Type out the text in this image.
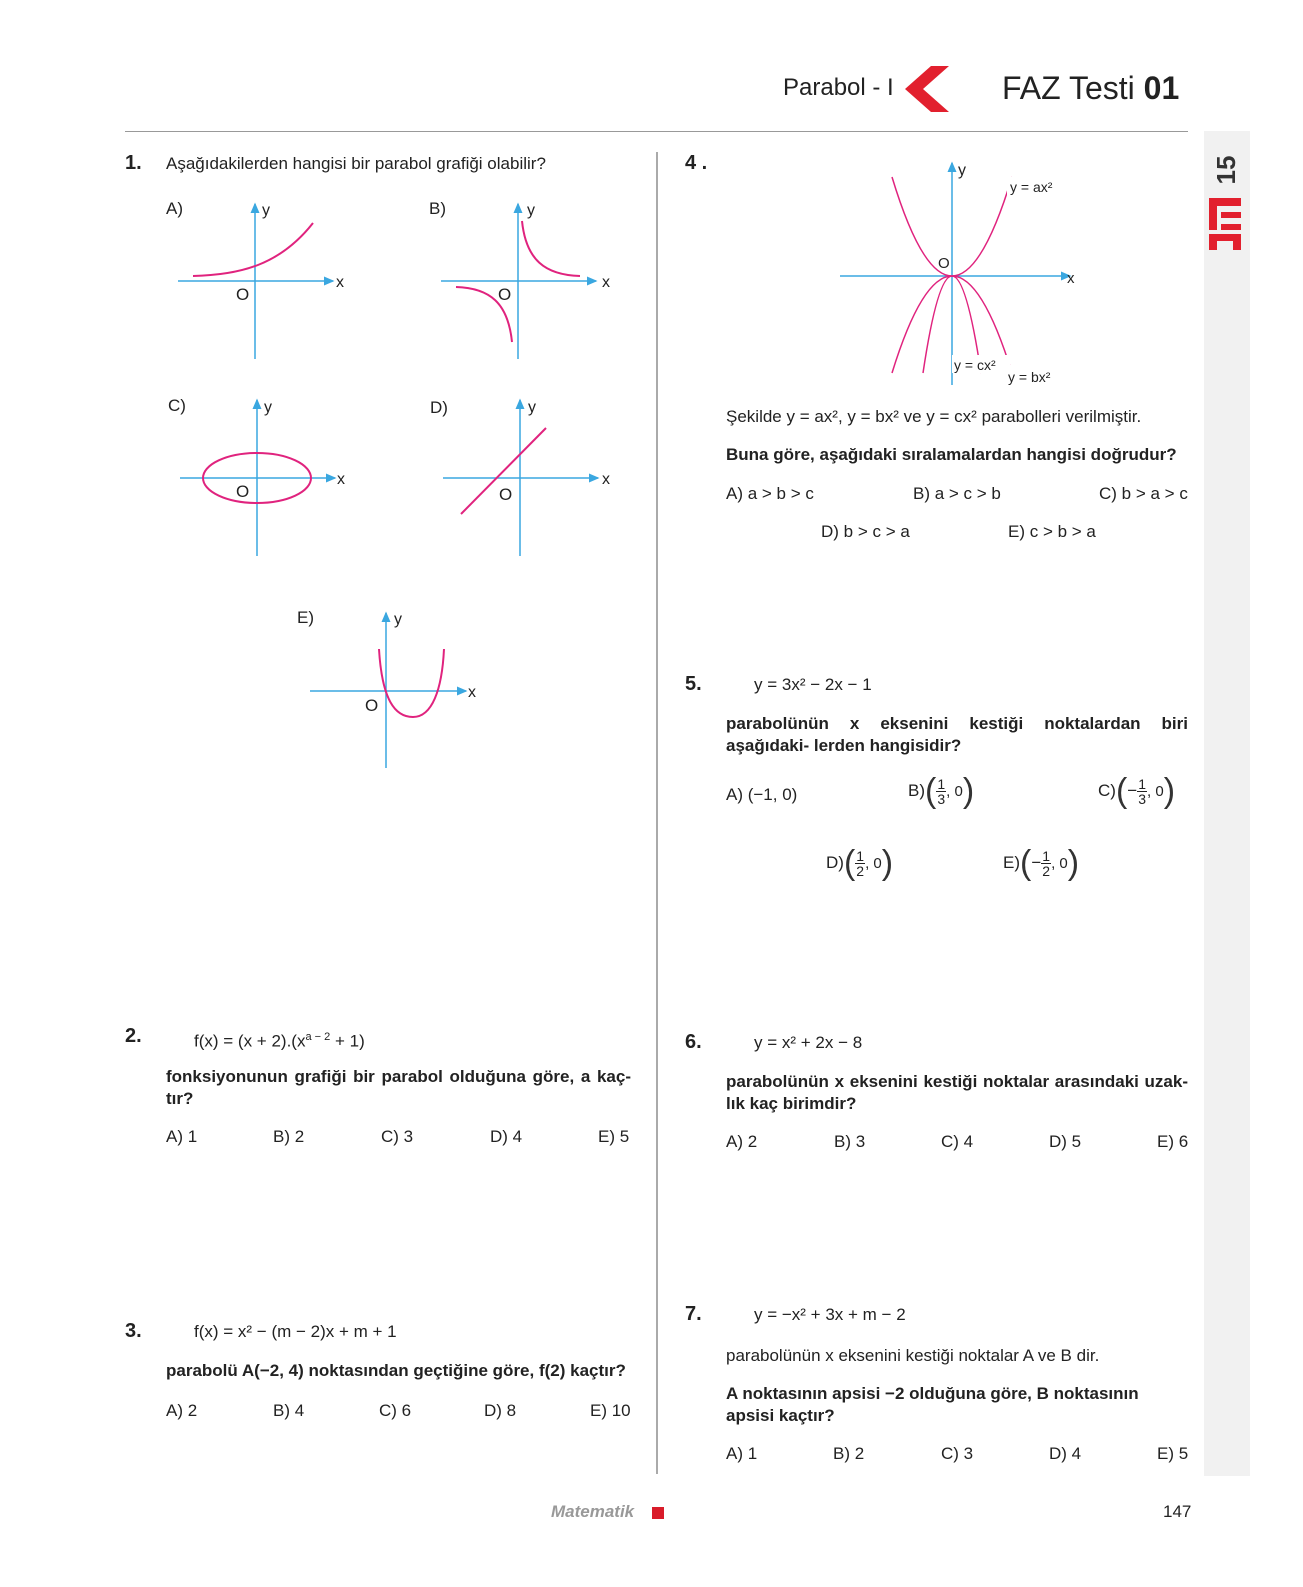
Parabol - I	FAZ Testi 01
15
1. Aşağıdakilerden hangisi bir parabol grafiği olabilir?
A)	B)
C)	D)
E)
y
x
O
y
x
O
y
x
O
y
x
O
y
x
O
2.	$f(x) = (x + 2).(x^{a - 2} + 1)$
fonksiyonunun grafiği bir parabol olduğuna göre, a kaç- tır?
A) 1	B) 2	C) 3	D) 4	E) 5
3.	f(x) = x² − (m − 2)x + m + 1
parabolü A(−2, 4) noktasından geçtiğine göre, f(2) kaçtır?
A) 2	B) 4	C) 6	D) 8	E) 10
4 .	y
x
O
y = ax²
y = cx²
y = bx²
Şekilde y = ax², y = bx² ve y = cx² parabolleri verilmiştir.
Buna göre, aşağıdaki sıralamalardan hangisi doğrudur?
A) a > b > c	B) a > c > b	C) b > a > c
D) b > c > a	E) c > b > a
5.	y = 3x² − 2x − 1
parabolünün x eksenini kestiği noktalardan biri aşağıdaki- lerden hangisidir?
A) (−1, 0)	$B)( \frac{1}{3}$ , 0)	$C)(- \frac{1}{3}$ , 0)
$D)( \frac{1}{2}$ , 0)	$E)(- \frac{1}{2}$ , 0)
6.	y = x² + 2x − 8
parabolünün x eksenini kestiği noktalar arasındaki uzak- lık kaç birimdir?
A) 2	B) 3	C) 4	D) 5	E) 6
7.	y = −x² + 3x + m − 2
parabolünün x eksenini kestiği noktalar A ve B dir.
A noktasının apsisi −2 olduğuna göre, B noktasının apsisi kaçtır?
A) 1	B) 2	C) 3	D) 4	E) 5
Matematik	147
